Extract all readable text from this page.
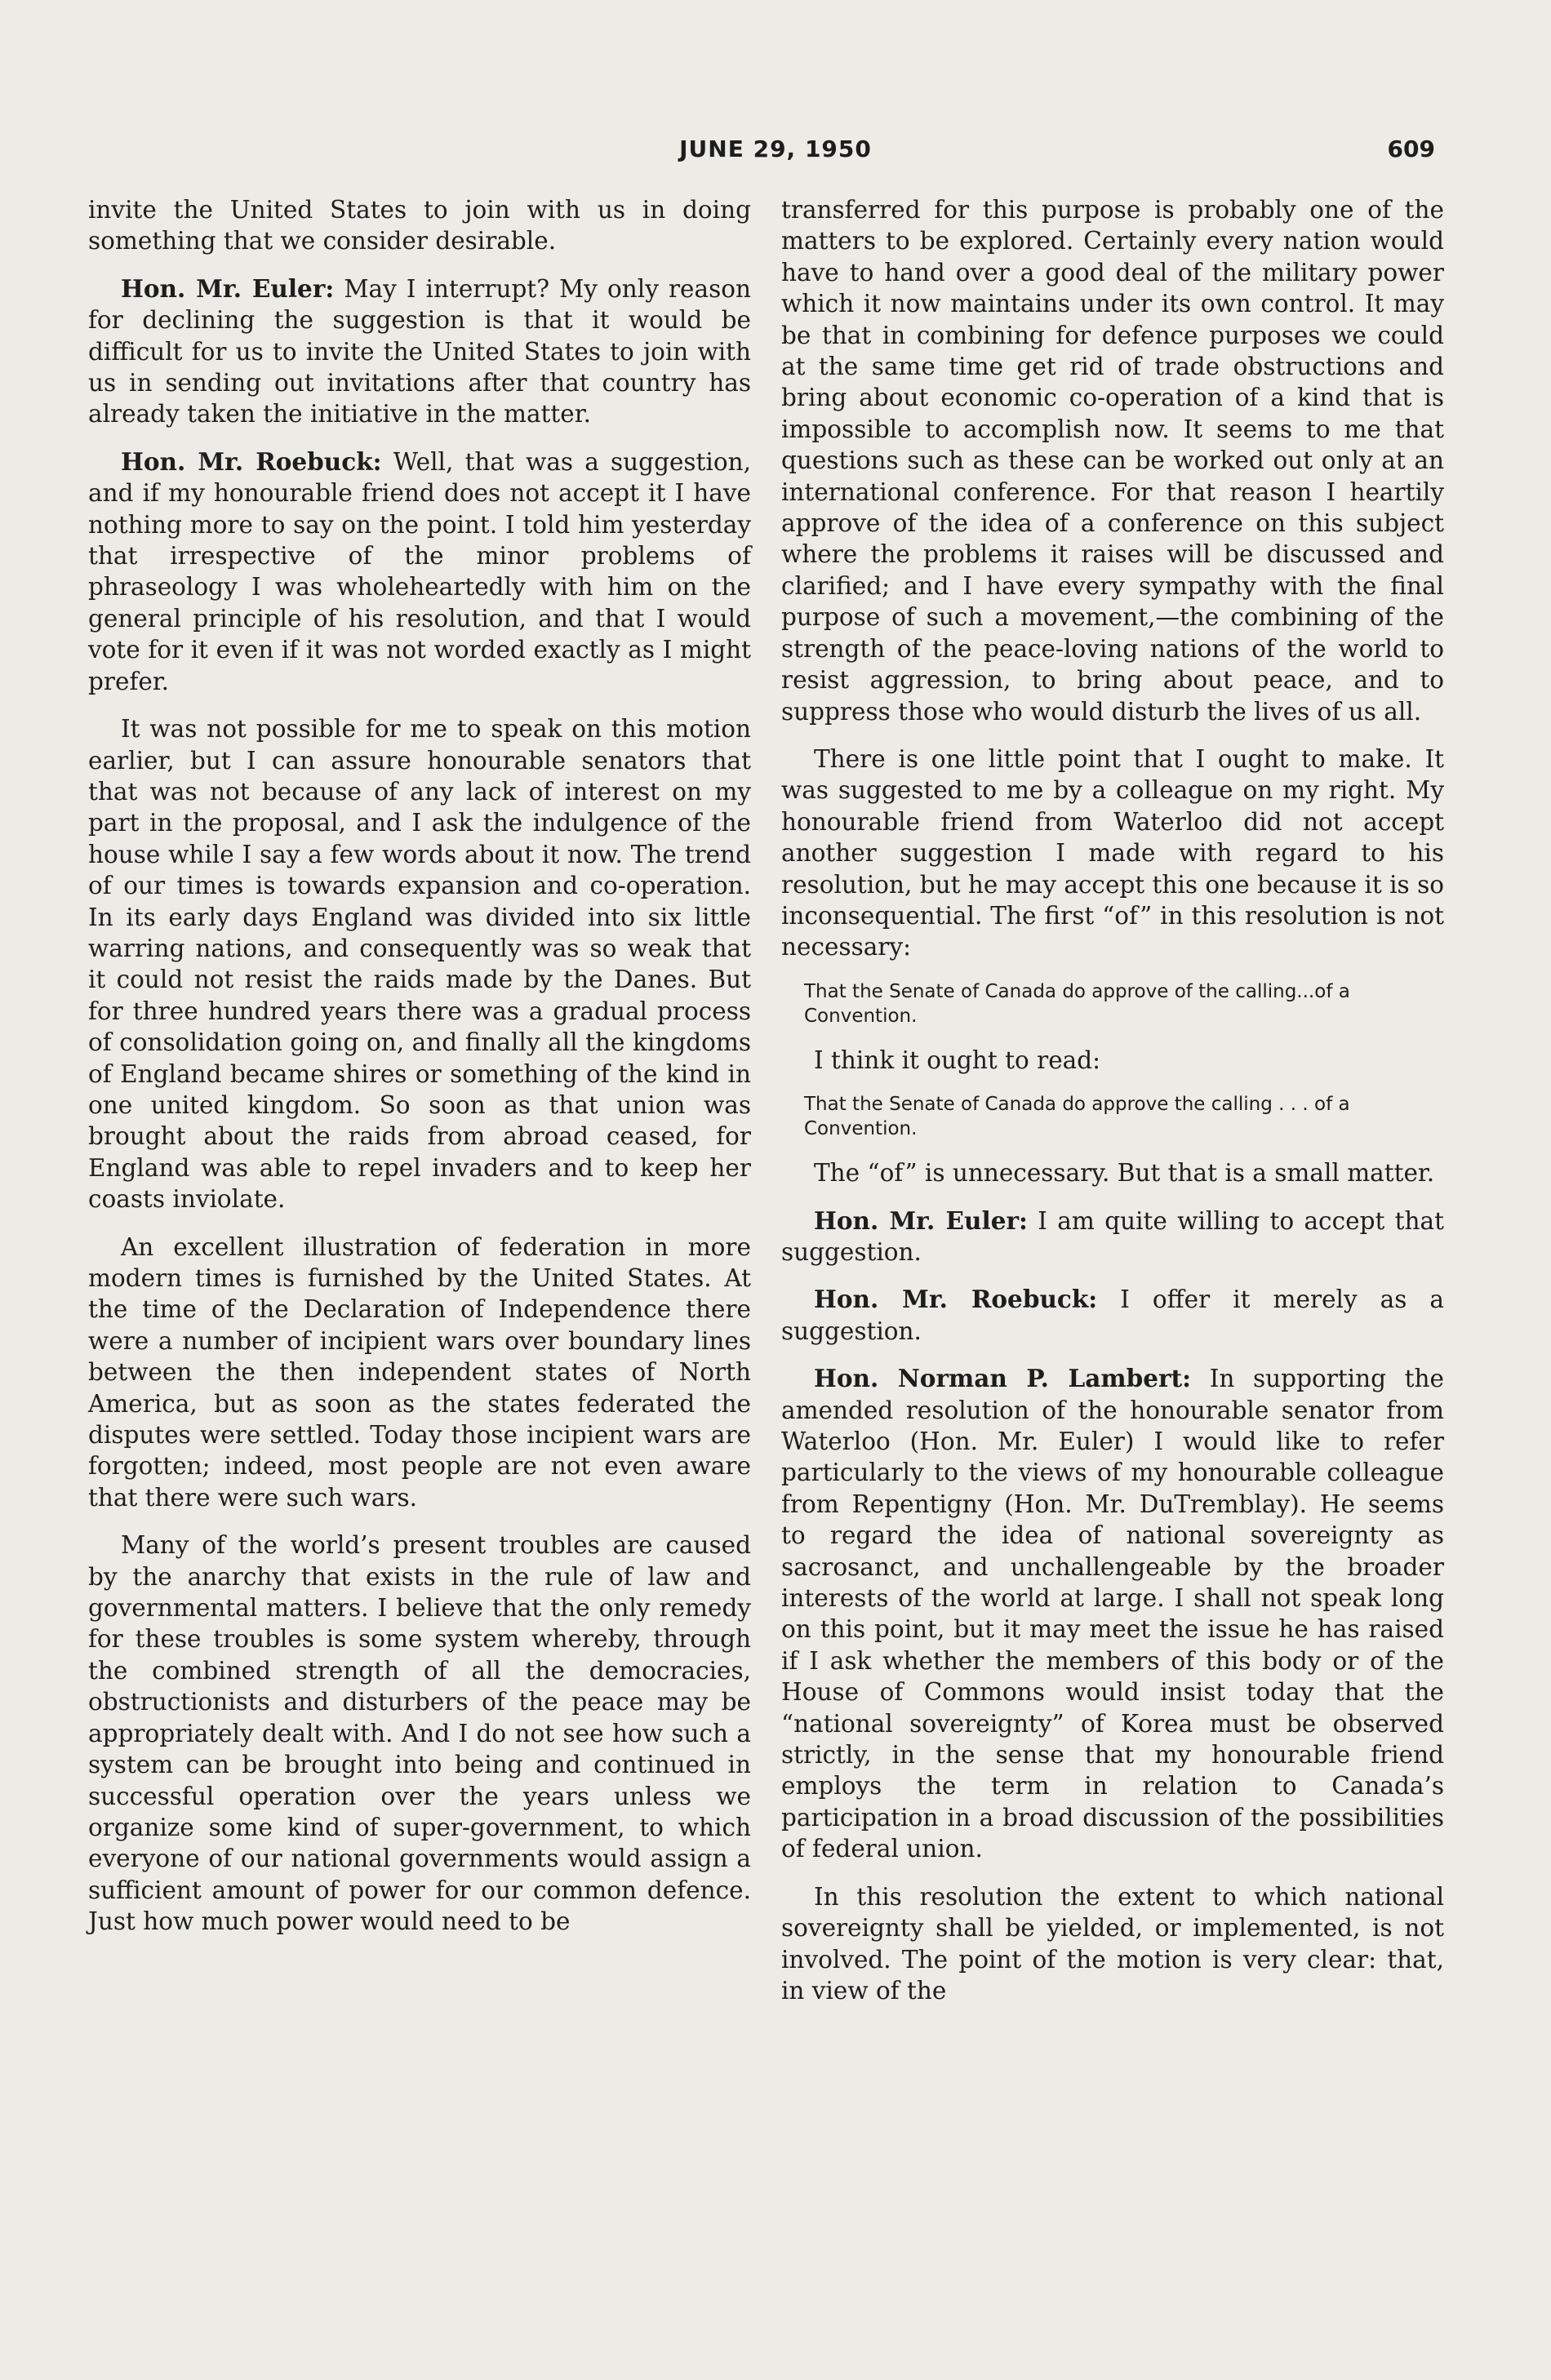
JUNE 29, 1950	609

invite the United States to join with us in doing something that we consider desirable.

Hon. Mr. Euler: May I interrupt? My only reason for declining the suggestion is that it would be difficult for us to invite the United States to join with us in sending out invitations after that country has already taken the initiative in the matter.

Hon. Mr. Roebuck: Well, that was a suggestion, and if my honourable friend does not accept it I have nothing more to say on the point. I told him yesterday that irrespective of the minor problems of phraseology I was wholeheartedly with him on the general principle of his resolution, and that I would vote for it even if it was not worded exactly as I might prefer.

It was not possible for me to speak on this motion earlier, but I can assure honourable senators that that was not because of any lack of interest on my part in the proposal, and I ask the indulgence of the house while I say a few words about it now. The trend of our times is towards expansion and co-operation. In its early days England was divided into six little warring nations, and consequently was so weak that it could not resist the raids made by the Danes. But for three hundred years there was a gradual process of consolidation going on, and finally all the kingdoms of England became shires or something of the kind in one united kingdom. So soon as that union was brought about the raids from abroad ceased, for England was able to repel invaders and to keep her coasts inviolate.

An excellent illustration of federation in more modern times is furnished by the United States. At the time of the Declaration of Independence there were a number of incipient wars over boundary lines between the then independent states of North America, but as soon as the states federated the disputes were settled. Today those incipient wars are forgotten; indeed, most people are not even aware that there were such wars.

Many of the world’s present troubles are caused by the anarchy that exists in the rule of law and governmental matters. I believe that the only remedy for these troubles is some system whereby, through the combined strength of all the democracies, obstructionists and disturbers of the peace may be appropriately dealt with. And I do not see how such a system can be brought into being and continued in successful operation over the years unless we organize some kind of super-government, to which everyone of our national governments would assign a sufficient amount of power for our common defence. Just how much power would need to be

transferred for this purpose is probably one of the matters to be explored. Certainly every nation would have to hand over a good deal of the military power which it now maintains under its own control. It may be that in combining for defence purposes we could at the same time get rid of trade obstructions and bring about economic co-operation of a kind that is impossible to accomplish now. It seems to me that questions such as these can be worked out only at an international conference. For that reason I heartily approve of the idea of a conference on this subject where the problems it raises will be discussed and clarified; and I have every sympathy with the final purpose of such a movement,—the combining of the strength of the peace-loving nations of the world to resist aggression, to bring about peace, and to suppress those who would disturb the lives of us all.

There is one little point that I ought to make. It was suggested to me by a colleague on my right. My honourable friend from Waterloo did not accept another suggestion I made with regard to his resolution, but he may accept this one because it is so inconsequential. The first “of” in this resolution is not necessary:

That the Senate of Canada do approve of the calling...of a Convention.

I think it ought to read:

That the Senate of Canada do approve the calling . . . of a Convention.

The “of” is unnecessary. But that is a small matter.

Hon. Mr. Euler: I am quite willing to accept that suggestion.

Hon. Mr. Roebuck: I offer it merely as a suggestion.

Hon. Norman P. Lambert: In supporting the amended resolution of the honourable senator from Waterloo (Hon. Mr. Euler) I would like to refer particularly to the views of my honourable colleague from Repentigny (Hon. Mr. DuTremblay). He seems to regard the idea of national sovereignty as sacrosanct, and unchallengeable by the broader interests of the world at large. I shall not speak long on this point, but it may meet the issue he has raised if I ask whether the members of this body or of the House of Commons would insist today that the “national sovereignty” of Korea must be observed strictly, in the sense that my honourable friend employs the term in relation to Canada’s participation in a broad discussion of the possibilities of federal union.

In this resolution the extent to which national sovereignty shall be yielded, or implemented, is not involved. The point of the motion is very clear: that, in view of the
